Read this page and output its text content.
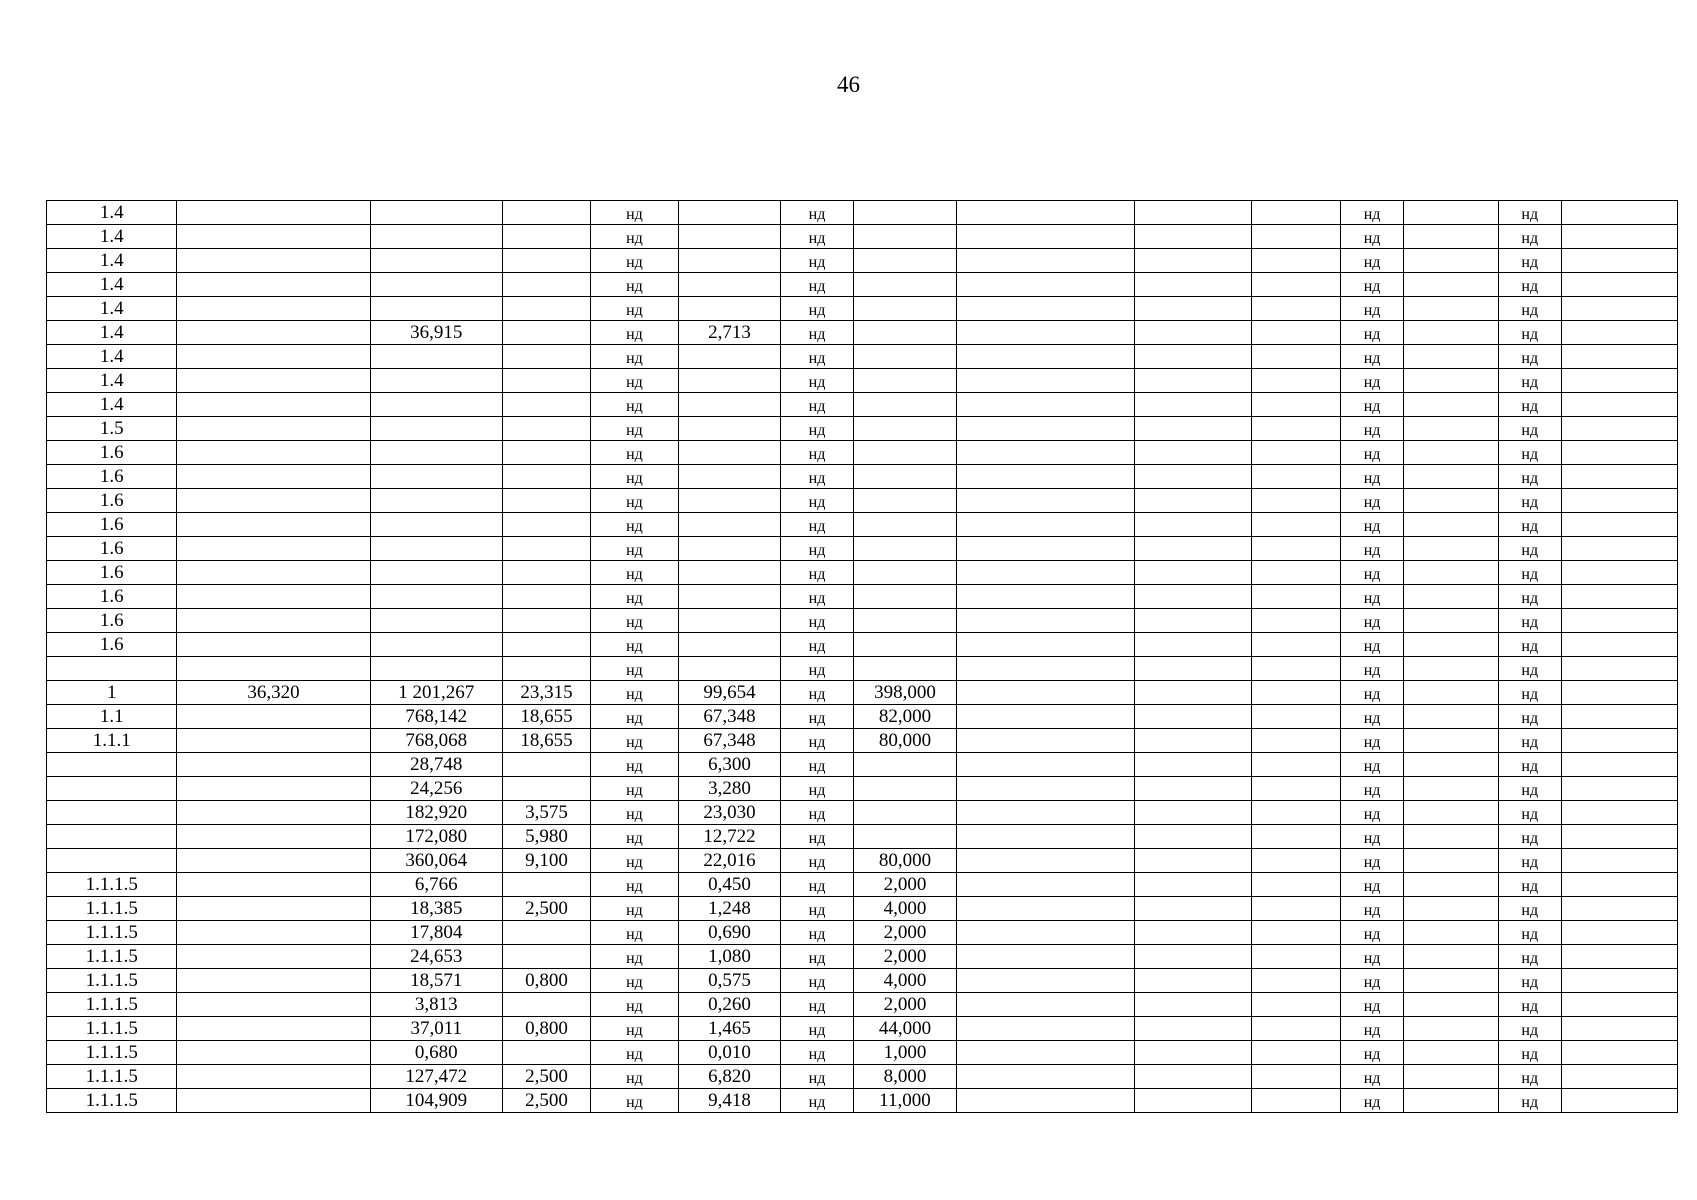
46
1.4				нд		нд					нд		нд	
1.4				нд		нд					нд		нд	
1.4				нд		нд					нд		нд	
1.4				нд		нд					нд		нд	
1.4				нд		нд					нд		нд	
1.4		36,915		нд	2,713	нд					нд		нд	
1.4				нд		нд					нд		нд	
1.4				нд		нд					нд		нд	
1.4				нд		нд					нд		нд	
1.5				нд		нд					нд		нд	
1.6				нд		нд					нд		нд	
1.6				нд		нд					нд		нд	
1.6				нд		нд					нд		нд	
1.6				нд		нд					нд		нд	
1.6				нд		нд					нд		нд	
1.6				нд		нд					нд		нд	
1.6				нд		нд					нд		нд	
1.6				нд		нд					нд		нд	
1.6				нд		нд					нд		нд	
				нд		нд					нд		нд	
1	36,320	1 201,267	23,315	нд	99,654	нд	398,000				нд		нд	
1.1		768,142	18,655	нд	67,348	нд	82,000				нд		нд	
1.1.1		768,068	18,655	нд	67,348	нд	80,000				нд		нд	
		28,748		нд	6,300	нд					нд		нд	
		24,256		нд	3,280	нд					нд		нд	
		182,920	3,575	нд	23,030	нд					нд		нд	
		172,080	5,980	нд	12,722	нд					нд		нд	
		360,064	9,100	нд	22,016	нд	80,000				нд		нд	
1.1.1.5		6,766		нд	0,450	нд	2,000				нд		нд	
1.1.1.5		18,385	2,500	нд	1,248	нд	4,000				нд		нд	
1.1.1.5		17,804		нд	0,690	нд	2,000				нд		нд	
1.1.1.5		24,653		нд	1,080	нд	2,000				нд		нд	
1.1.1.5		18,571	0,800	нд	0,575	нд	4,000				нд		нд	
1.1.1.5		3,813		нд	0,260	нд	2,000				нд		нд	
1.1.1.5		37,011	0,800	нд	1,465	нд	44,000				нд		нд	
1.1.1.5		0,680		нд	0,010	нд	1,000				нд		нд	
1.1.1.5		127,472	2,500	нд	6,820	нд	8,000				нд		нд	
1.1.1.5		104,909	2,500	нд	9,418	нд	11,000				нд		нд	
